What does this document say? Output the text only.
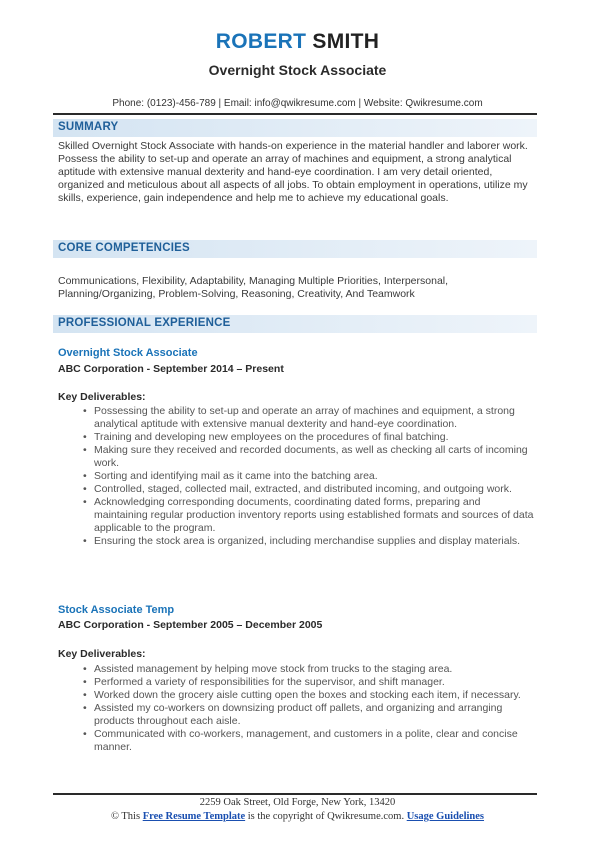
ROBERT SMITH
Overnight Stock Associate
Phone: (0123)-456-789 | Email: info@qwikresume.com | Website: Qwikresume.com
SUMMARY
Skilled Overnight Stock Associate with hands-on experience in the material handler and laborer work. Possess the ability to set-up and operate an array of machines and equipment, a strong analytical aptitude with extensive manual dexterity and hand-eye coordination. I am very detail oriented, organized and meticulous about all aspects of all jobs. To obtain employment in operations, utilize my skills, experience, gain independence and help me to achieve my educational goals.
CORE COMPETENCIES
Communications, Flexibility, Adaptability, Managing Multiple Priorities, Interpersonal, Planning/Organizing, Problem-Solving, Reasoning, Creativity, And Teamwork
PROFESSIONAL EXPERIENCE
Overnight Stock Associate
ABC Corporation - September 2014 – Present
Key Deliverables:
• Possessing the ability to set-up and operate an array of machines and equipment, a strong analytical aptitude with extensive manual dexterity and hand-eye coordination.
• Training and developing new employees on the procedures of final batching.
• Making sure they received and recorded documents, as well as checking all carts of incoming work.
• Sorting and identifying mail as it came into the batching area.
• Controlled, staged, collected mail, extracted, and distributed incoming, and outgoing work.
• Acknowledging corresponding documents, coordinating dated forms, preparing and maintaining regular production inventory reports using established formats and sources of data applicable to the program.
• Ensuring the stock area is organized, including merchandise supplies and display materials.
Stock Associate Temp
ABC Corporation - September 2005 – December 2005
Key Deliverables:
• Assisted management by helping move stock from trucks to the staging area.
• Performed a variety of responsibilities for the supervisor, and shift manager.
• Worked down the grocery aisle cutting open the boxes and stocking each item, if necessary.
• Assisted my co-workers on downsizing product off pallets, and organizing and arranging products throughout each aisle.
• Communicated with co-workers, management, and customers in a polite, clear and concise manner.
2259 Oak Street, Old Forge, New York, 13420
© This Free Resume Template is the copyright of Qwikresume.com. Usage Guidelines
